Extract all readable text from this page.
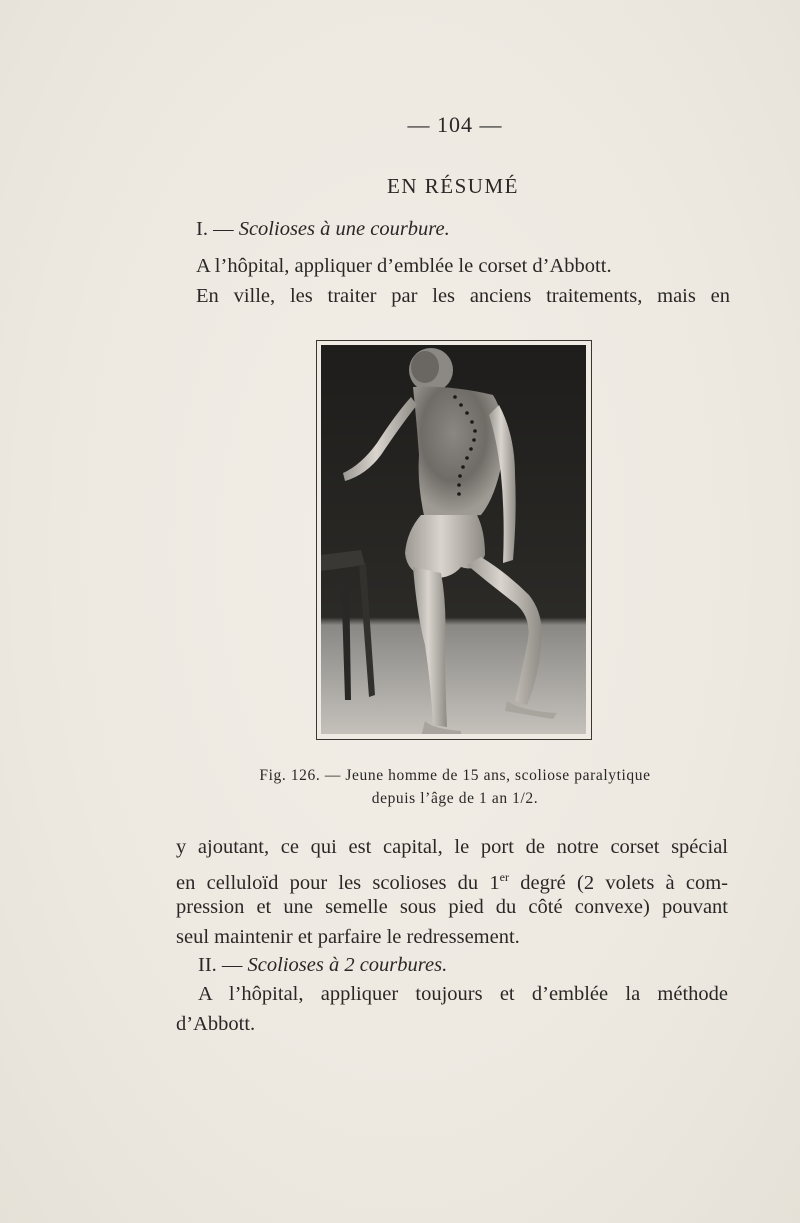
— 104 —
EN RÉSUMÉ
I. — Scolioses à une courbure.
A l’hôpital, appliquer d’emblée le corset d’Abbott.
En ville, les traiter par les anciens traitements, mais en
Fig. 126. — Jeune homme de 15 ans, scoliose paralytique
depuis l’âge de 1 an 1/2.
y ajoutant, ce qui est capital, le port de notre corset spécial
en celluloïd pour les scolioses du 1er degré (2 volets à com-
pression et une semelle sous pied du côté convexe) pouvant
seul maintenir et parfaire le redressement.
II. — Scolioses à 2 courbures.
A l’hôpital, appliquer toujours et d’emblée la méthode
d’Abbott.
